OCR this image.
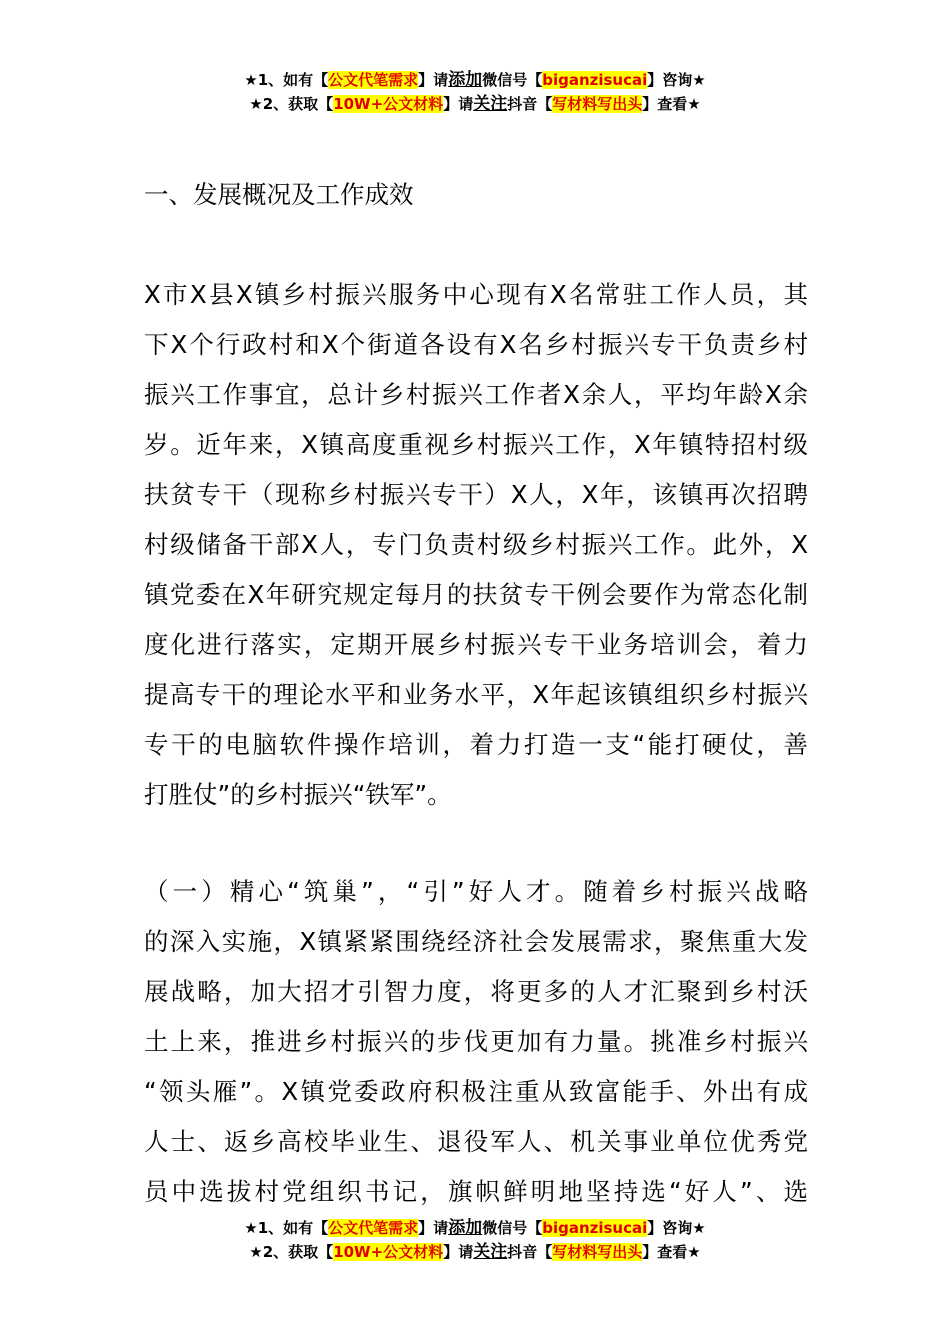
★1、如有【公文代笔需求】请添加微信号【biganzisucai】咨询★
★2、获取【10W+公文材料】请关注抖音【写材料写出头】查看★
一、发展概况及工作成效
X市X县X镇乡村振兴服务中心现有X名常驻工作人员，其
下X个行政村和X个街道各设有X名乡村振兴专干负责乡村
振兴工作事宜，总计乡村振兴工作者X余人，平均年龄X余
岁。近年来，X镇高度重视乡村振兴工作，X年镇特招村级
扶贫专干（现称乡村振兴专干）X人，X年，该镇再次招聘
村级储备干部X人，专门负责村级乡村振兴工作。此外，X
镇党委在X年研究规定每月的扶贫专干例会要作为常态化制
度化进行落实，定期开展乡村振兴专干业务培训会，着力
提高专干的理论水平和业务水平，X年起该镇组织乡村振兴
专干的电脑软件操作培训，着力打造一支“能打硬仗，善
打胜仗”的乡村振兴“铁军”。
（一）精心“筑巢”，“引”好人才。随着乡村振兴战略
的深入实施，X镇紧紧围绕经济社会发展需求，聚焦重大发
展战略，加大招才引智力度，将更多的人才汇聚到乡村沃
土上来，推进乡村振兴的步伐更加有力量。挑准乡村振兴
“领头雁”。X镇党委政府积极注重从致富能手、外出有成
人士、返乡高校毕业生、退役军人、机关事业单位优秀党
员中选拔村党组织书记，旗帜鲜明地坚持选“好人”、选
★1、如有【公文代笔需求】请添加微信号【biganzisucai】咨询★
★2、获取【10W+公文材料】请关注抖音【写材料写出头】查看★
